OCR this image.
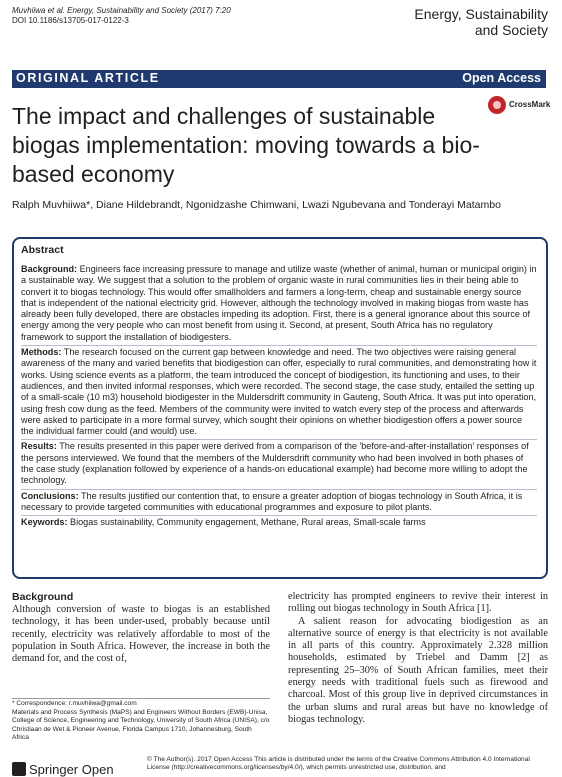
Muvhiiwa et al. Energy, Sustainability and Society (2017) 7:20
DOI 10.1186/s13705-017-0122-3	Energy, Sustainability
and Society
ORIGINAL ARTICLE	Open Access
The impact and challenges of sustainable biogas implementation: moving towards a bio-based economy
CrossMark
Ralph Muvhiiwa*, Diane Hildebrandt, Ngonidzashe Chimwani, Lwazi Ngubevana and Tonderayi Matambo
Abstract

Background: Engineers face increasing pressure to manage and utilize waste (whether of animal, human or municipal origin) in a sustainable way. We suggest that a solution to the problem of organic waste in rural communities lies in their being able to convert it to biogas technology. This would offer smallholders and farmers a long-term, cheap and sustainable energy source that is independent of the national electricity grid. However, although the technology involved in making biogas from waste has already been fully developed, there are obstacles impeding its adoption. First, there is a general ignorance about this source of energy among the very people who can most benefit from using it. Second, at present, South Africa has no regulatory framework to support the installation of biodigesters.

Methods: The research focused on the current gap between knowledge and need. The two objectives were raising general awareness of the many and varied benefits that biodigestion can offer, especially to rural communities, and demonstrating how it works. Using science events as a platform, the team introduced the concept of biodigestion, its functioning and uses, to their audiences, and then invited informal responses, which were recorded. The second stage, the case study, entailed the setting up of a small-scale (10 m3) household biodigester in the Muldersdrift community in Gauteng, South Africa. It was put into operation, using fresh cow dung as the feed. Members of the community were invited to watch every step of the process and afterwards were asked to participate in a more formal survey, which sought their opinions on whether biodigestion offers a power source the individual farmer could (and would) use.

Results: The results presented in this paper were derived from a comparison of the 'before-and-after-installation' responses of the persons interviewed. We found that the members of the Muldersdrift community who had been involved in both phases of the case study (explanation followed by experience of a hands-on educational example) had become more willing to adopt the technology.

Conclusions: The results justified our contention that, to ensure a greater adoption of biogas technology in South Africa, it is necessary to provide targeted communities with educational programmes and exposure to pilot plants.

Keywords: Biogas sustainability, Community engagement, Methane, Rural areas, Small-scale farms

Background

Although conversion of waste to biogas is an established technology, it has been under-used, probably because until recently, electricity was relatively affordable to most of the population in South Africa. However, the increase in both the demand for, and the cost of,

electricity has prompted engineers to revive their interest in rolling out biogas technology in South Africa [1].

A salient reason for advocating biodigestion as an alternative source of energy is that electricity is not available in all parts of this country. Approximately 2.328 million households, estimated by Triebel and Damm [2] as representing 25–30% of South African families, meet their energy needs with traditional fuels such as firewood and charcoal. Most of this group live in deprived circumstances in the urban slums and rural areas but have no knowledge of biogas technology.

* Correspondence: r.muvhiiwa@gmail.com
Materials and Process Synthesis (MaPS) and Engineers Without Borders (EWB)-Unisa, College of Science, Engineering and Technology, University of South Africa (UNISA), c/o Christiaan de Wet & Pioneer Avenue, Florida Campus 1710, Johannesburg, South Africa
Springer Open
© The Author(s). 2017 Open Access This article is distributed under the terms of the Creative Commons Attribution 4.0 International License (http://creativecommons.org/licenses/by/4.0/), which permits unrestricted use, distribution, and
